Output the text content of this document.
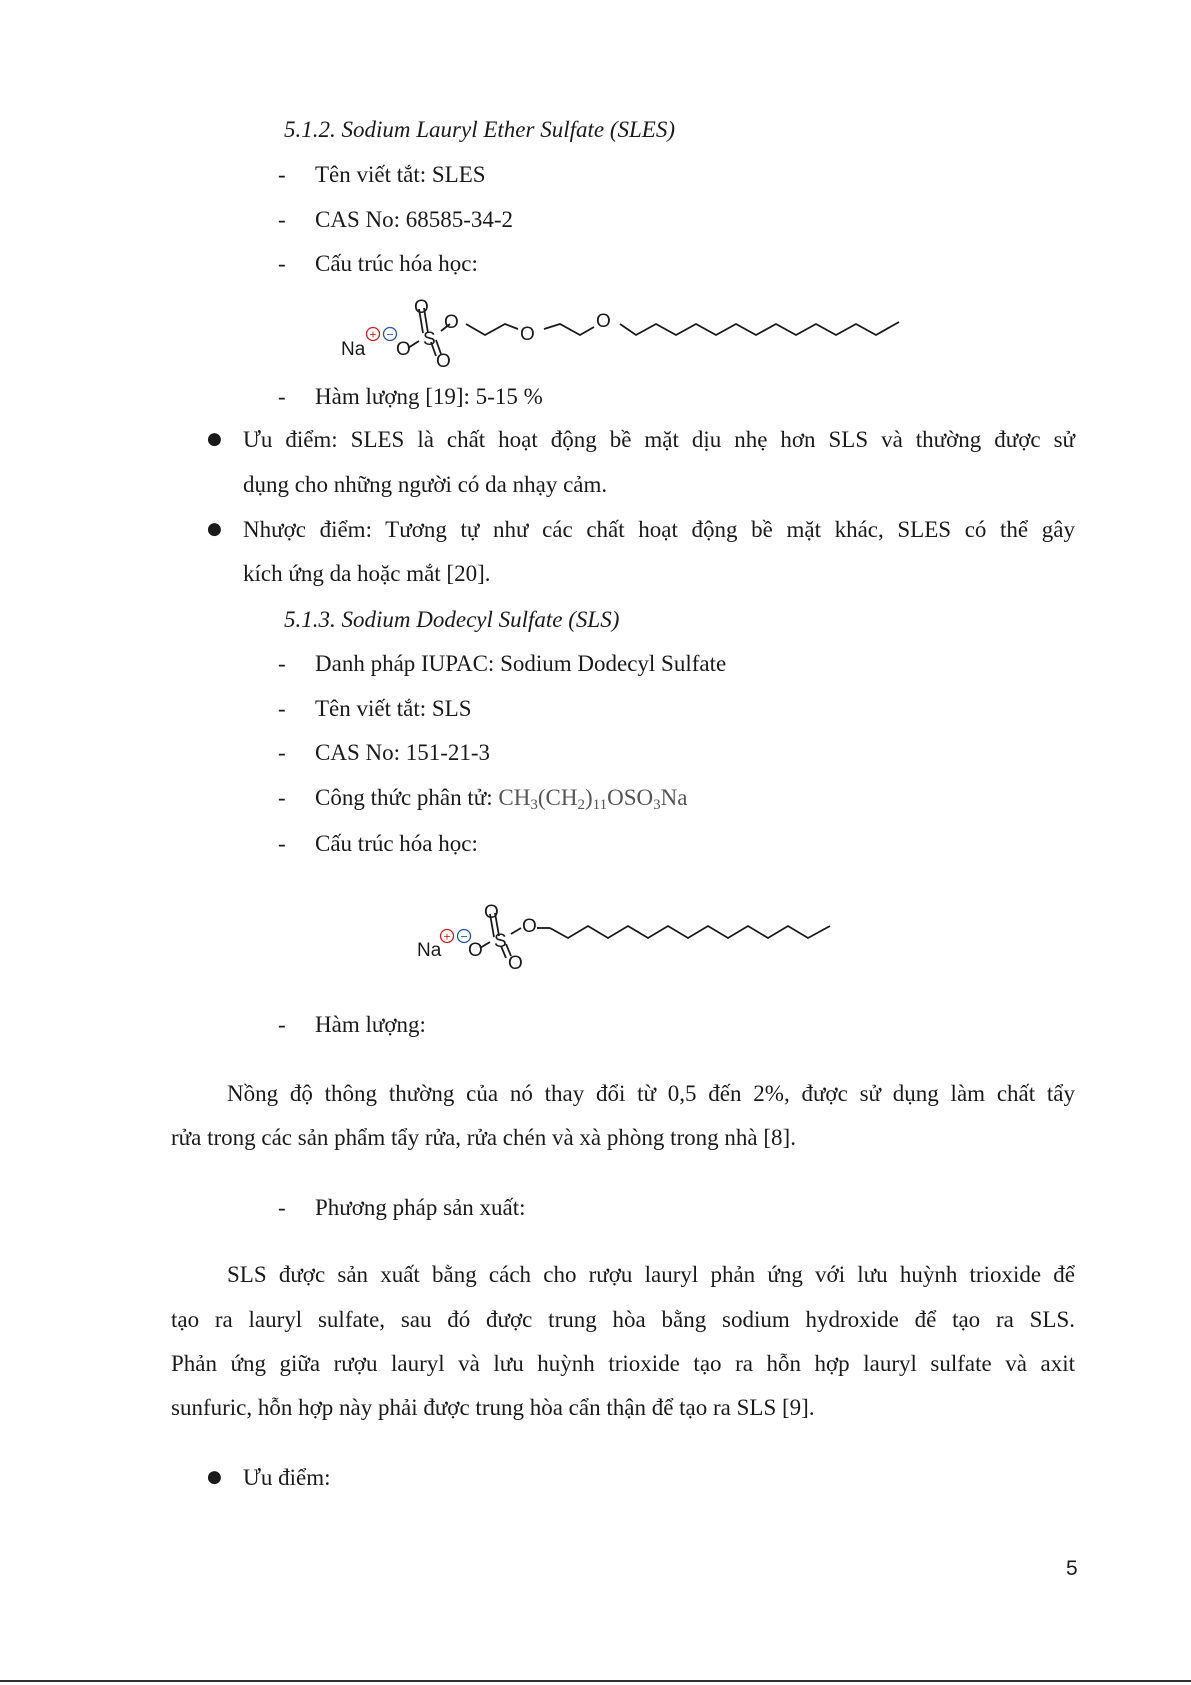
5.1.2. Sodium Lauryl Ether Sulfate (SLES)
- Tên viết tắt: SLES
- CAS No: 68585-34-2
- Cấu trúc hóa học:
O
S
O
O
O
O
O
Na
+ −
- Hàm lượng [19]: 5-15 %
● Ưu điểm: SLES là chất hoạt động bề mặt dịu nhẹ hơn SLS và thường được sử
dụng cho những người có da nhạy cảm.
● Nhược điểm: Tương tự như các chất hoạt động bề mặt khác, SLES có thể gây
kích ứng da hoặc mắt [20].
5.1.3. Sodium Dodecyl Sulfate (SLS)
- Danh pháp IUPAC: Sodium Dodecyl Sulfate
- Tên viết tắt: SLS
- CAS No: 151-21-3
- Công thức phân tử: $CH_3(CH_2)_{11}OSO_3Na$
- Cấu trúc hóa học:
O
S
O
O
O
Na
+ −
- Hàm lượng:
Nồng độ thông thường của nó thay đổi từ 0,5 đến 2%, được sử dụng làm chất tẩy
rửa trong các sản phẩm tẩy rửa, rửa chén và xà phòng trong nhà [8].
- Phương pháp sản xuất:
SLS được sản xuất bằng cách cho rượu lauryl phản ứng với lưu huỳnh trioxide để
tạo ra lauryl sulfate, sau đó được trung hòa bằng sodium hydroxide để tạo ra SLS.
Phản ứng giữa rượu lauryl và lưu huỳnh trioxide tạo ra hỗn hợp lauryl sulfate và axit
sunfuric, hỗn hợp này phải được trung hòa cẩn thận để tạo ra SLS [9].
● Ưu điểm:
5
